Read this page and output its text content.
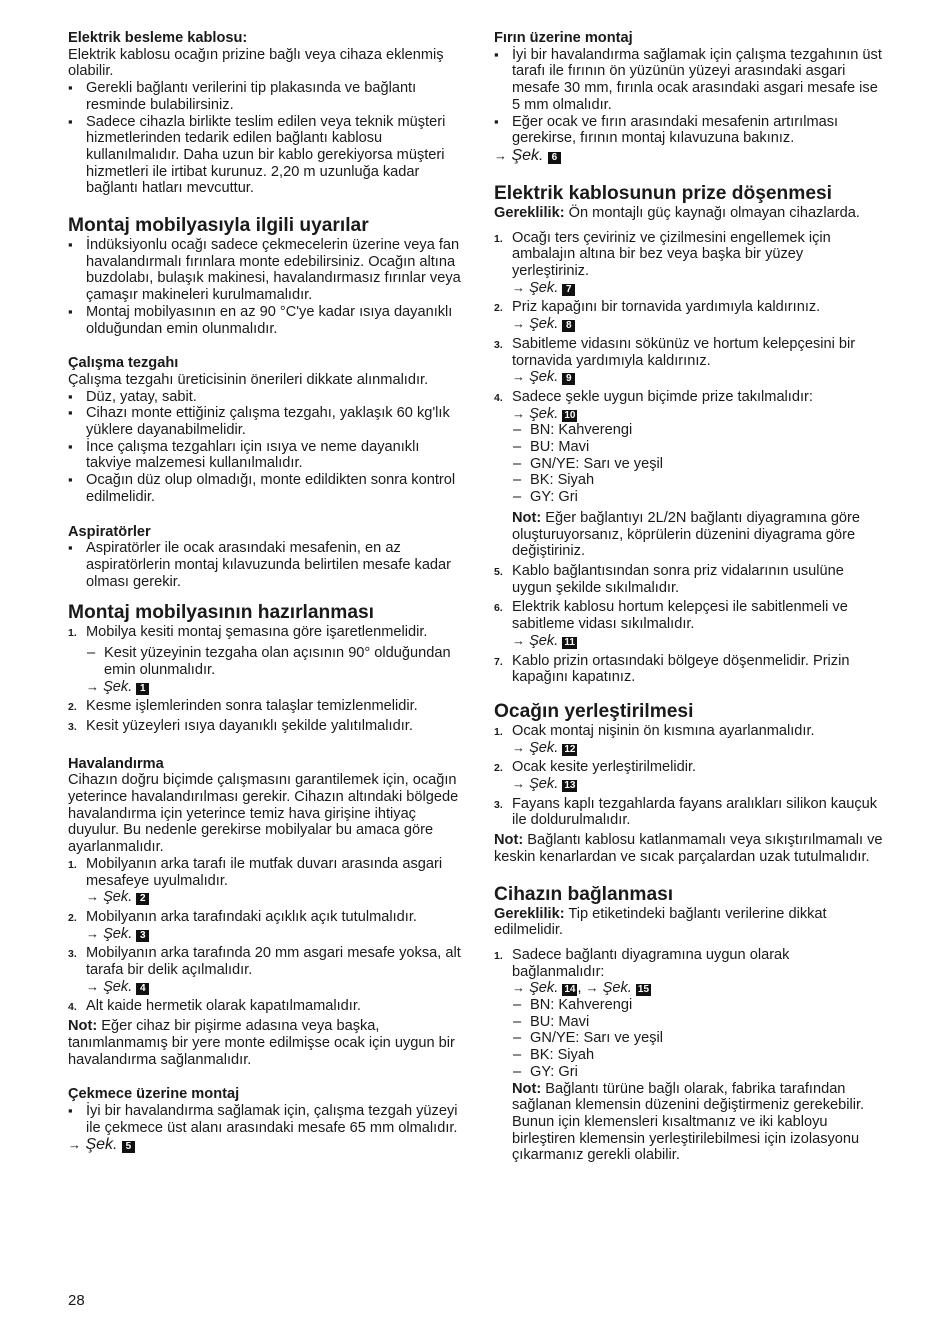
Elektrik besleme kablosu:

Elektrik kablosu ocağın prizine bağlı veya cihaza eklenmiş olabilir.

▪ Gerekli bağlantı verilerini tip plakasında ve bağlantı resminde bulabilirsiniz.
▪ Sadece cihazla birlikte teslim edilen veya teknik müşteri hizmetlerinden tedarik edilen bağlantı kablosu kullanılmalıdır. Daha uzun bir kablo gerekiyorsa müşteri hizmetleri ile irtibat kurunuz. 2,20 m uzunluğa kadar bağlantı hatları mevcuttur.

Montaj mobilyasıyla ilgili uyarılar

▪ İndüksiyonlu ocağı sadece çekmecelerin üzerine veya fan havalandırmalı fırınlara monte edebilirsiniz. Ocağın altına buzdolabı, bulaşık makinesi, havalandırmasız fırınlar veya çamaşır makineleri kurulmamalıdır.
▪ Montaj mobilyasının en az 90 °C'ye kadar ısıya dayanıklı olduğundan emin olunmalıdır.

Çalışma tezgahı

Çalışma tezgahı üreticisinin önerileri dikkate alınmalıdır.

▪ Düz, yatay, sabit.
▪ Cihazı monte ettiğiniz çalışma tezgahı, yaklaşık 60 kg'lık yüklere dayanabilmelidir.
▪ İnce çalışma tezgahları için ısıya ve neme dayanıklı takviye malzemesi kullanılmalıdır.
▪ Ocağın düz olup olmadığı, monte edildikten sonra kontrol edilmelidir.

Aspiratörler

▪ Aspiratörler ile ocak arasındaki mesafenin, en az aspiratörlerin montaj kılavuzunda belirtilen mesafe kadar olması gerekir.

Montaj mobilyasının hazırlanması

1. Mobilya kesiti montaj şemasına göre işaretlenmelidir.
– Kesit yüzeyinin tezgaha olan açısının 90° olduğundan emin olunmalıdır.
→ Şek. 1
2. Kesme işlemlerinden sonra talaşlar temizlenmelidir.
3. Kesit yüzeyleri ısıya dayanıklı şekilde yalıtılmalıdır.

Havalandırma

Cihazın doğru biçimde çalışmasını garantilemek için, ocağın yeterince havalandırılması gerekir. Cihazın altındaki bölgede havalandırma için yeterince temiz hava girişine ihtiyaç duyulur. Bu nedenle gerekirse mobilyalar bu amaca göre ayarlanmalıdır.

1. Mobilyanın arka tarafı ile mutfak duvarı arasında asgari mesafeye uyulmalıdır.
→ Şek. 2
2. Mobilyanın arka tarafındaki açıklık açık tutulmalıdır.
→ Şek. 3
3. Mobilyanın arka tarafında 20 mm asgari mesafe yoksa, alt tarafa bir delik açılmalıdır.
→ Şek. 4
4. Alt kaide hermetik olarak kapatılmamalıdır.

Not: Eğer cihaz bir pişirme adasına veya başka, tanımlanmamış bir yere monte edilmişse ocak için uygun bir havalandırma sağlanmalıdır.

Çekmece üzerine montaj

▪ İyi bir havalandırma sağlamak için, çalışma tezgah yüzeyi ile çekmece üst alanı arasındaki mesafe 65 mm olmalıdır.
→ Şek. 5

Fırın üzerine montaj

▪ İyi bir havalandırma sağlamak için çalışma tezgahının üst tarafı ile fırının ön yüzünün yüzeyi arasındaki asgari mesafe 30 mm, fırınla ocak arasındaki asgari mesafe ise 5 mm olmalıdır.
▪ Eğer ocak ve fırın arasındaki mesafenin artırılması gerekirse, fırının montaj kılavuzuna bakınız.
→ Şek. 6

Elektrik kablosunun prize döşenmesi

Gereklilik: Ön montajlı güç kaynağı olmayan cihazlarda.

1. Ocağı ters çeviriniz ve çizilmesini engellemek için ambalajın altına bir bez veya başka bir yüzey yerleştiriniz.
→ Şek. 7
2. Priz kapağını bir tornavida yardımıyla kaldırınız.
→ Şek. 8
3. Sabitleme vidasını sökünüz ve hortum kelepçesini bir tornavida yardımıyla kaldırınız.
→ Şek. 9
4. Sadece şekle uygun biçimde prize takılmalıdır:
→ Şek. 10
– BN: Kahverengi
– BU: Mavi
– GN/YE: Sarı ve yeşil
– BK: Siyah
– GY: Gri

Not: Eğer bağlantıyı 2L/2N bağlantı diyagramına göre oluşturuyorsanız, köprülerin düzenini diyagrama göre değiştiriniz.

5. Kablo bağlantısından sonra priz vidalarının usulüne uygun şekilde sıkılmalıdır.
6. Elektrik kablosu hortum kelepçesi ile sabitlenmeli ve sabitleme vidası sıkılmalıdır.
→ Şek. 11
7. Kablo prizin ortasındaki bölgeye döşenmelidir. Prizin kapağını kapatınız.

Ocağın yerleştirilmesi

1. Ocak montaj nişinin ön kısmına ayarlanmalıdır.
→ Şek. 12
2. Ocak kesite yerleştirilmelidir.
→ Şek. 13
3. Fayans kaplı tezgahlarda fayans aralıkları silikon kauçuk ile doldurulmalıdır.

Not: Bağlantı kablosu katlanmamalı veya sıkıştırılmamalı ve keskin kenarlardan ve sıcak parçalardan uzak tutulmalıdır.

Cihazın bağlanması

Gereklilik: Tip etiketindeki bağlantı verilerine dikkat edilmelidir.

1. Sadece bağlantı diyagramına uygun olarak bağlanmalıdır:
→ Şek. 14 , → Şek. 15
– BN: Kahverengi
– BU: Mavi
– GN/YE: Sarı ve yeşil
– BK: Siyah
– GY: Gri

Not: Bağlantı türüne bağlı olarak, fabrika tarafından sağlanan klemensin düzenini değiştirmeniz gerekebilir. Bunun için klemensleri kısaltmanız ve iki kabloyu birleştiren klemensin yerleştirilebilmesi için izolasyonu çıkarmanız gerekli olabilir.

28
